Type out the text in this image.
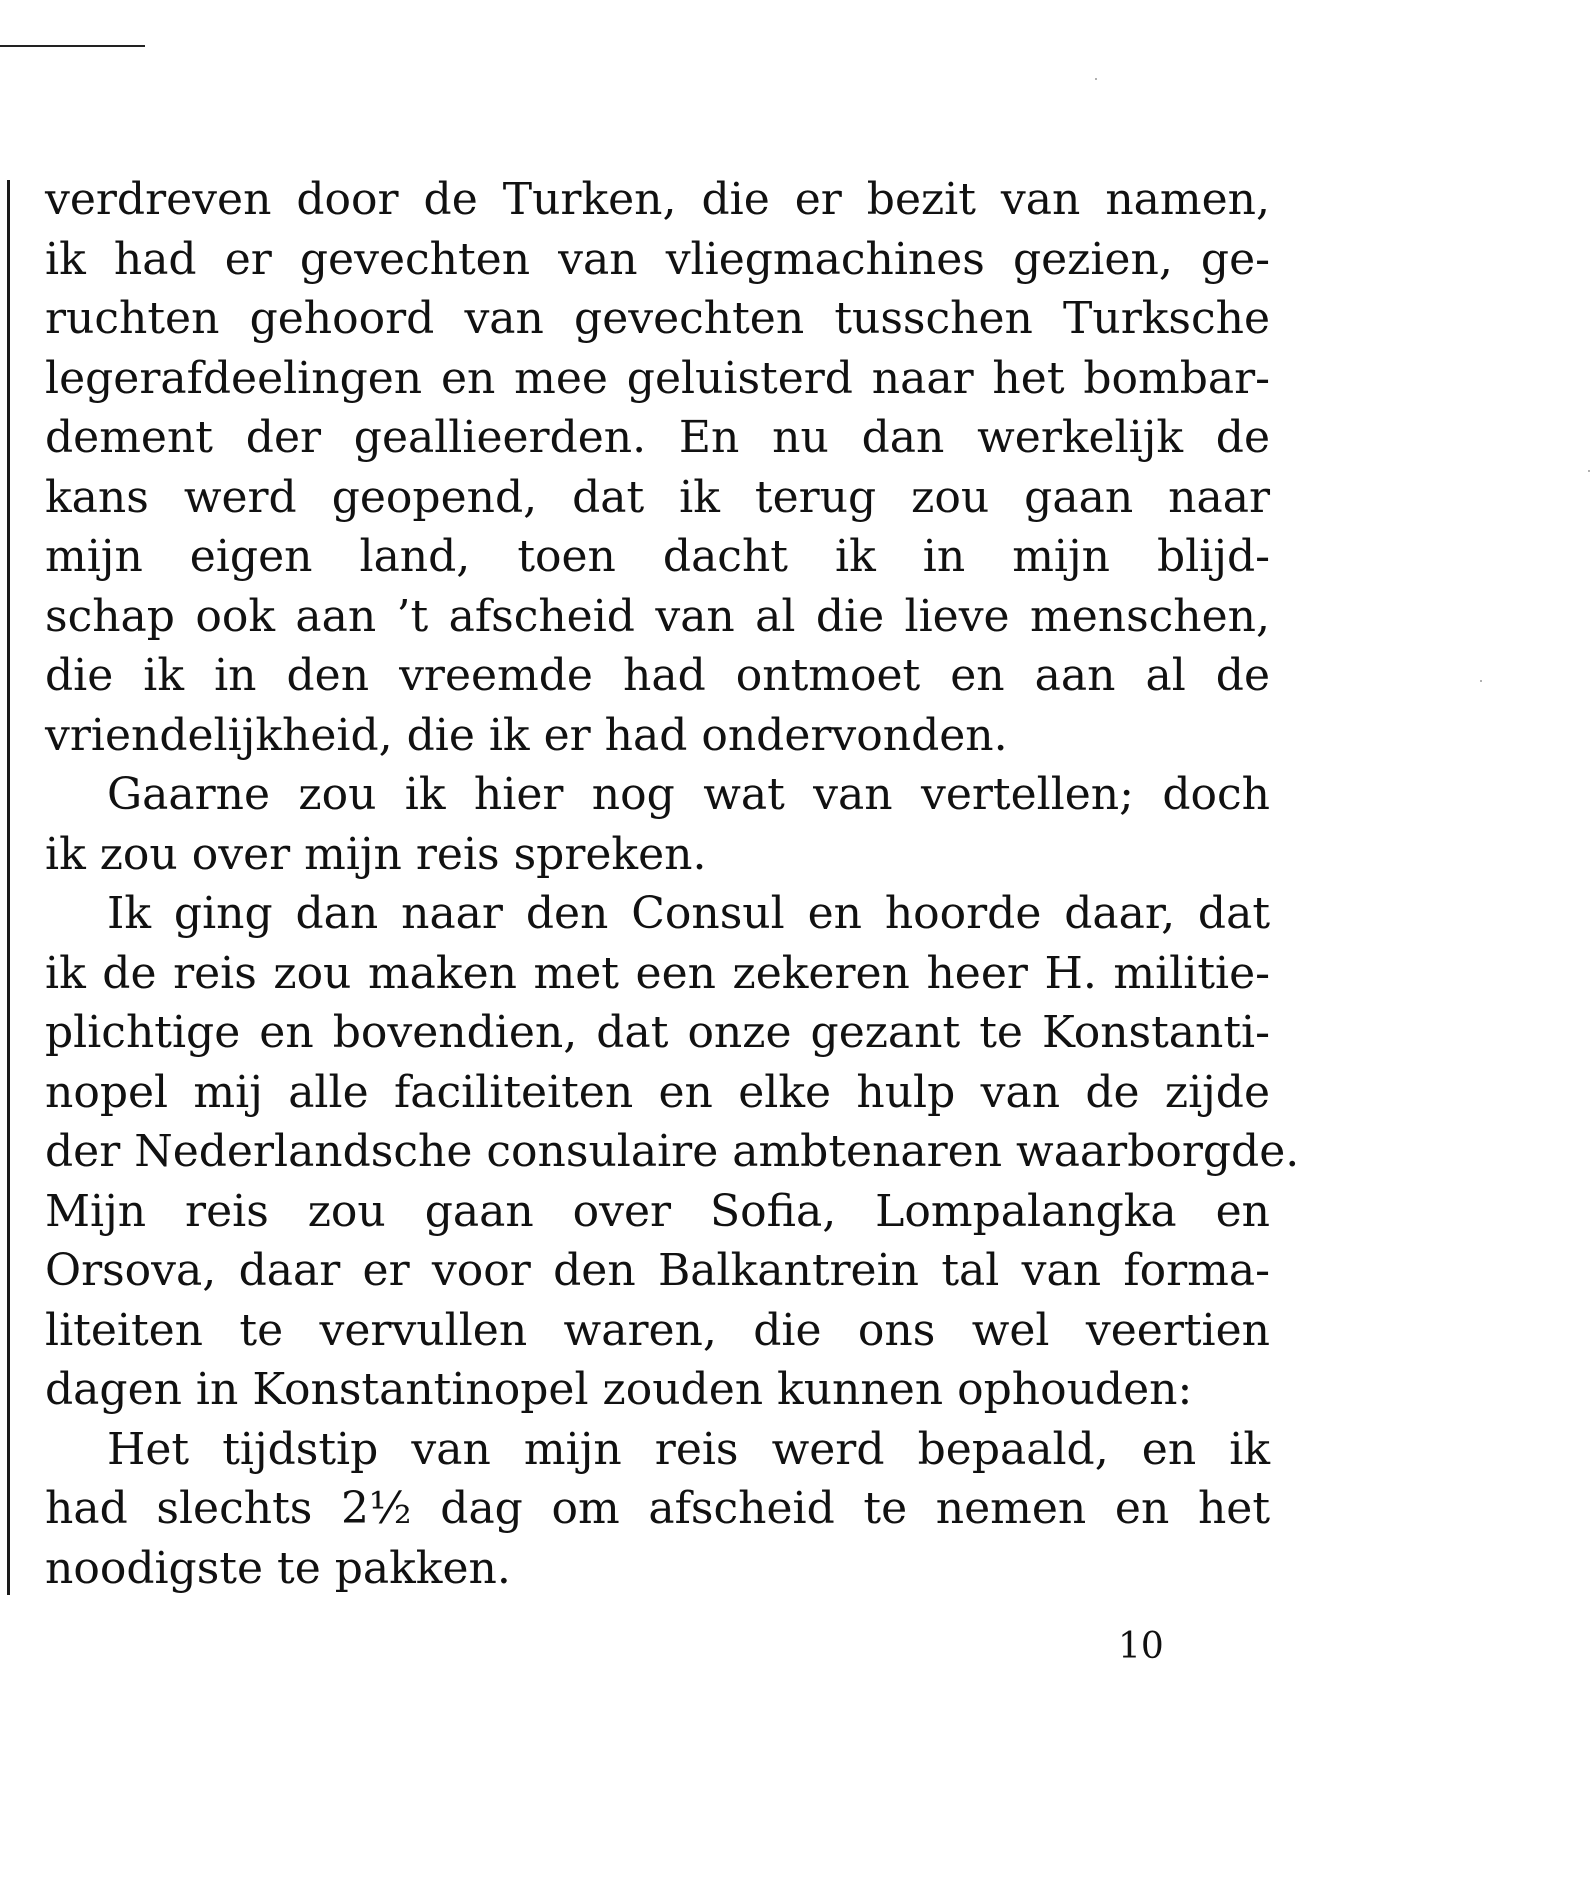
verdreven door de Turken, die er bezit van namen,
ik had er gevechten van vliegmachines gezien, ge-
ruchten gehoord van gevechten tusschen Turksche
legerafdeelingen en mee geluisterd naar het bombar-
dement der geallieerden. En nu dan werkelijk de
kans werd geopend, dat ik terug zou gaan naar
mijn eigen land, toen dacht ik in mijn blijd-
schap ook aan ’t afscheid van al die lieve menschen,
die ik in den vreemde had ontmoet en aan al de
vriendelijkheid, die ik er had ondervonden.
Gaarne zou ik hier nog wat van vertellen; doch
ik zou over mijn reis spreken.
Ik ging dan naar den Consul en hoorde daar, dat
ik de reis zou maken met een zekeren heer H. militie-
plichtige en bovendien, dat onze gezant te Konstanti-
nopel mij alle faciliteiten en elke hulp van de zijde
der Nederlandsche consulaire ambtenaren waarborgde.
Mijn reis zou gaan over Sofia, Lompalangka en
Orsova, daar er voor den Balkantrein tal van forma-
liteiten te vervullen waren, die ons wel veertien
dagen in Konstantinopel zouden kunnen ophouden:
Het tijdstip van mijn reis werd bepaald, en ik
had slechts 2½ dag om afscheid te nemen en het
noodigste te pakken.
10
